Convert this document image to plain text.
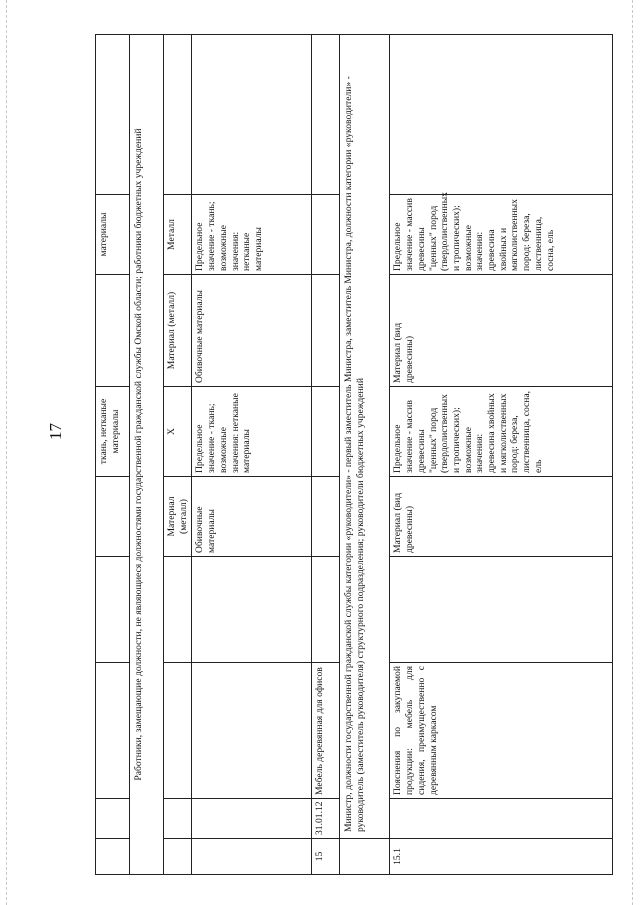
17
						ткань, нетканые материалы		материалы	
Работники, замещающие должности, не являющиеся должностями государственной гражданской службы Омской области; работники бюджетных учреждений								
				Материал (металл)	X	Материал (металл)	Металл	
				Обивочные материалы	Предельное значение - ткань; возможные значения: нетканые материалы	Обивочные материалы	Предельное значение - ткань; возможные значения: нетканые материалы	
15	31.01.12	Мебель деревянная для офисов						
	Министр, должности государственной гражданской службы категории «руководители» - первый заместитель Министра, заместитель Министра, должности категории «руководители» - руководитель (заместитель руководителя) структурного подразделения; руководители бюджетных учреждений							
15.1		Пояснения по закупаемой продукции: мебель для сидения, преимущественно с деревянным каркасом		Материал (вид древесины)	Предельное значение - массив древесины "ценных" пород (твердолиственных и тропических); возможные значения: древесина хвойных и мягколиственных пород: береза, лиственница, сосна, ель	Материал (вид древесины)	Предельное значение - массив древесины "ценных" пород (твердолиственных и тропических); возможные значения: древесина хвойных и мягколиственных пород: береза, лиственница, сосна, ель	
